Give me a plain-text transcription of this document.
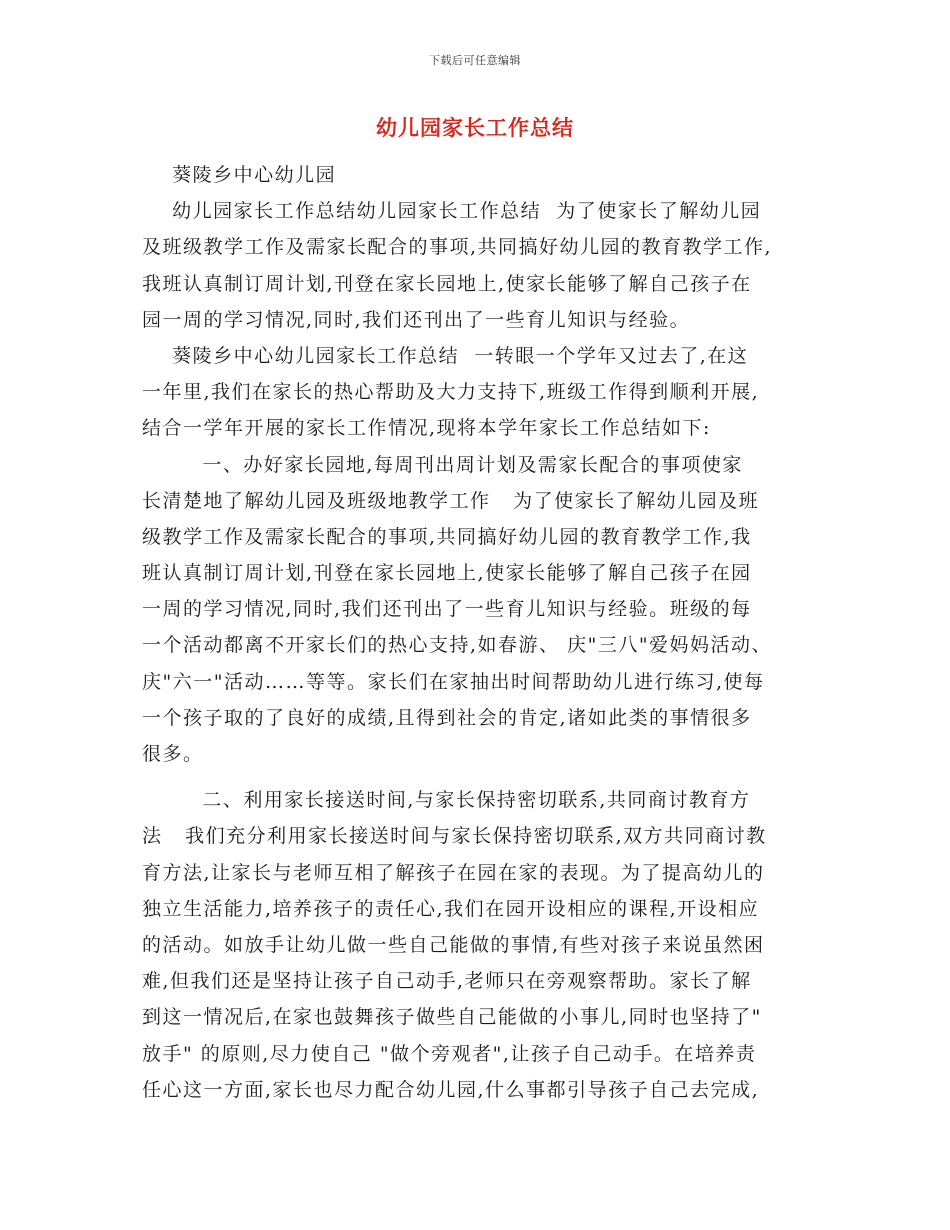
下载后可任意编辑
幼儿园家长工作总结
葵陵乡中心幼儿园
幼儿园家长工作总结幼儿园家长工作总结  为了使家长了解幼儿园
及班级教学工作及需家长配合的事项,共同搞好幼儿园的教育教学工作,
我班认真制订周计划,刊登在家长园地上,使家长能够了解自己孩子在
园一周的学习情况,同时,我们还刊出了一些育儿知识与经验。
葵陵乡中心幼儿园家长工作总结  一转眼一个学年又过去了,在这
一年里,我们在家长的热心帮助及大力支持下,班级工作得到顺利开展,
结合一学年开展的家长工作情况,现将本学年家长工作总结如下:
一、办好家长园地,每周刊出周计划及需家长配合的事项使家
长清楚地了解幼儿园及班级地教学工作   为了使家长了解幼儿园及班
级教学工作及需家长配合的事项,共同搞好幼儿园的教育教学工作,我
班认真制订周计划,刊登在家长园地上,使家长能够了解自己孩子在园
一周的学习情况,同时,我们还刊出了一些育儿知识与经验。班级的每
一个活动都离不开家长们的热心支持,如春游、 庆"三八"爱妈妈活动、
庆"六一"活动……等等。家长们在家抽出时间帮助幼儿进行练习,使每
一个孩子取的了良好的成绩,且得到社会的肯定,诸如此类的事情很多
很多。
二、利用家长接送时间,与家长保持密切联系,共同商讨教育方
法   我们充分利用家长接送时间与家长保持密切联系,双方共同商讨教
育方法,让家长与老师互相了解孩子在园在家的表现。为了提高幼儿的
独立生活能力,培养孩子的责任心,我们在园开设相应的课程,开设相应
的活动。如放手让幼儿做一些自己能做的事情,有些对孩子来说虽然困
难,但我们还是坚持让孩子自己动手,老师只在旁观察帮助。家长了解
到这一情况后,在家也鼓舞孩子做些自己能做的小事儿,同时也坚持了"
放手" 的原则,尽力使自己 "做个旁观者",让孩子自己动手。在培养责
任心这一方面,家长也尽力配合幼儿园,什么事都引导孩子自己去完成,
